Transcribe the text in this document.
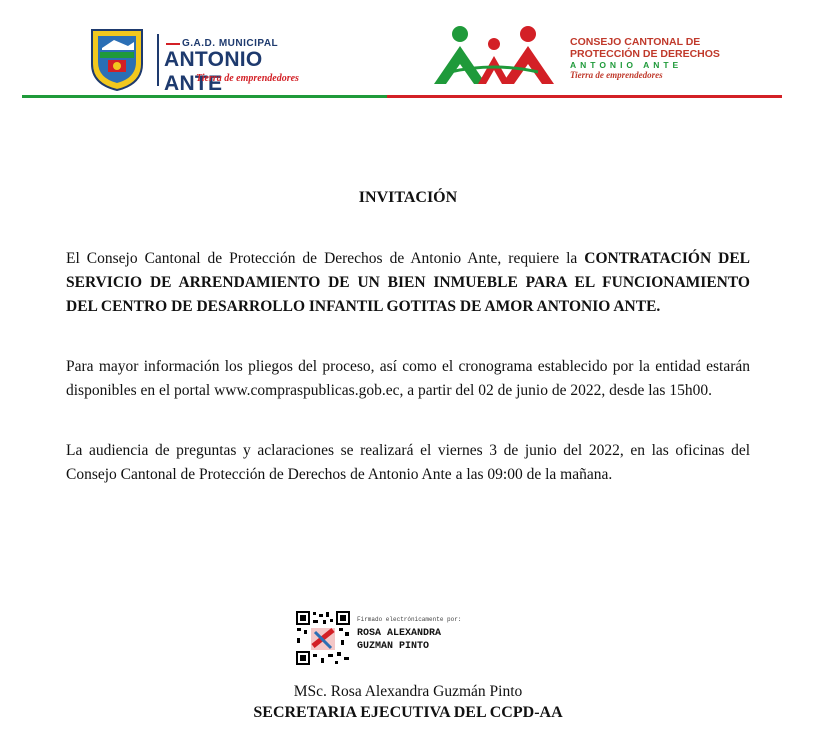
G.A.D. MUNICIPAL
ANTONIO ANTE
Tierra de emprendedores
CONSEJO CANTONAL DE
PROTECCIÓN DE DERECHOS
ANTONIO ANTE
Tierra de emprendedores
INVITACIÓN
El Consejo Cantonal de Protección de Derechos de Antonio Ante, requiere la CONTRATACIÓN DEL SERVICIO DE ARRENDAMIENTO DE UN BIEN INMUEBLE PARA EL FUNCIONAMIENTO DEL CENTRO DE DESARROLLO INFANTIL GOTITAS DE AMOR ANTONIO ANTE.
Para mayor información los pliegos del proceso, así como el cronograma establecido por la entidad estarán disponibles en el portal www.compraspublicas.gob.ec, a partir del 02 de junio de 2022, desde las 15h00.
La audiencia de preguntas y aclaraciones se realizará el viernes 3 de junio del 2022, en las oficinas del Consejo Cantonal de Protección de Derechos de Antonio Ante a las 09:00 de la mañana.
Firmado electrónicamente por:
ROSA ALEXANDRA
GUZMAN PINTO
MSc. Rosa Alexandra Guzmán Pinto
SECRETARIA EJECUTIVA DEL CCPD-AA
